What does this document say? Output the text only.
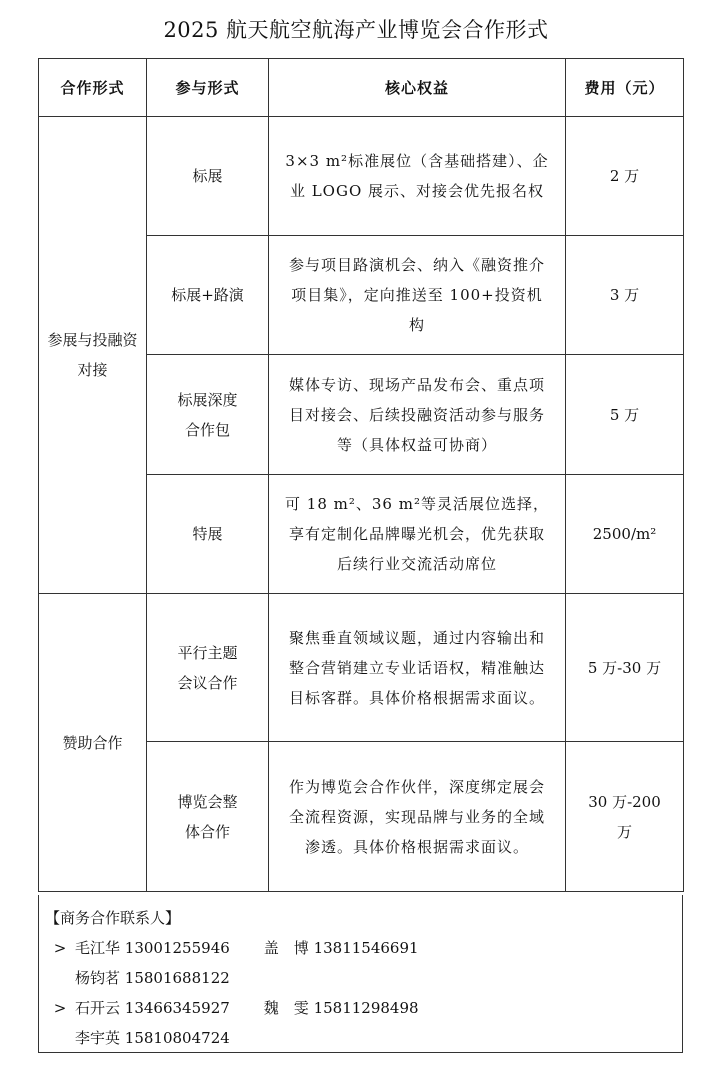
2025 航天航空航海产业博览会合作形式
合作形式	参与形式	核心权益	费用（元）
参展与投融资对接	标展	3×3 m²标准展位（含基础搭建）、企业 LOGO 展示、对接会优先报名权	2 万
	标展+路演	参与项目路演机会、纳入《融资推介项目集》，定向推送至 100+投资机构	3 万
	标展深度合作包	媒体专访、现场产品发布会、重点项目对接会、后续投融资活动参与服务等（具体权益可协商）	5 万
	特展	可 18 m²、36 m²等灵活展位选择，享有定制化品牌曝光机会，优先获取后续行业交流活动席位	2500/m²
赞助合作	平行主题会议合作	聚焦垂直领域议题，通过内容输出和整合营销建立专业话语权，精准触达目标客群。具体价格根据需求面议。	5 万-30 万
	博览会整体合作	作为博览会合作伙伴，深度绑定展会全流程资源，实现品牌与业务的全域渗透。具体价格根据需求面议。	30 万-200 万
【商务合作联系人】
> 毛江华 13001255946 盖　博 13811546691
杨钧茗 15801688122
> 石开云 13466345927 魏　雯 15811298498
李宇英 15810804724
